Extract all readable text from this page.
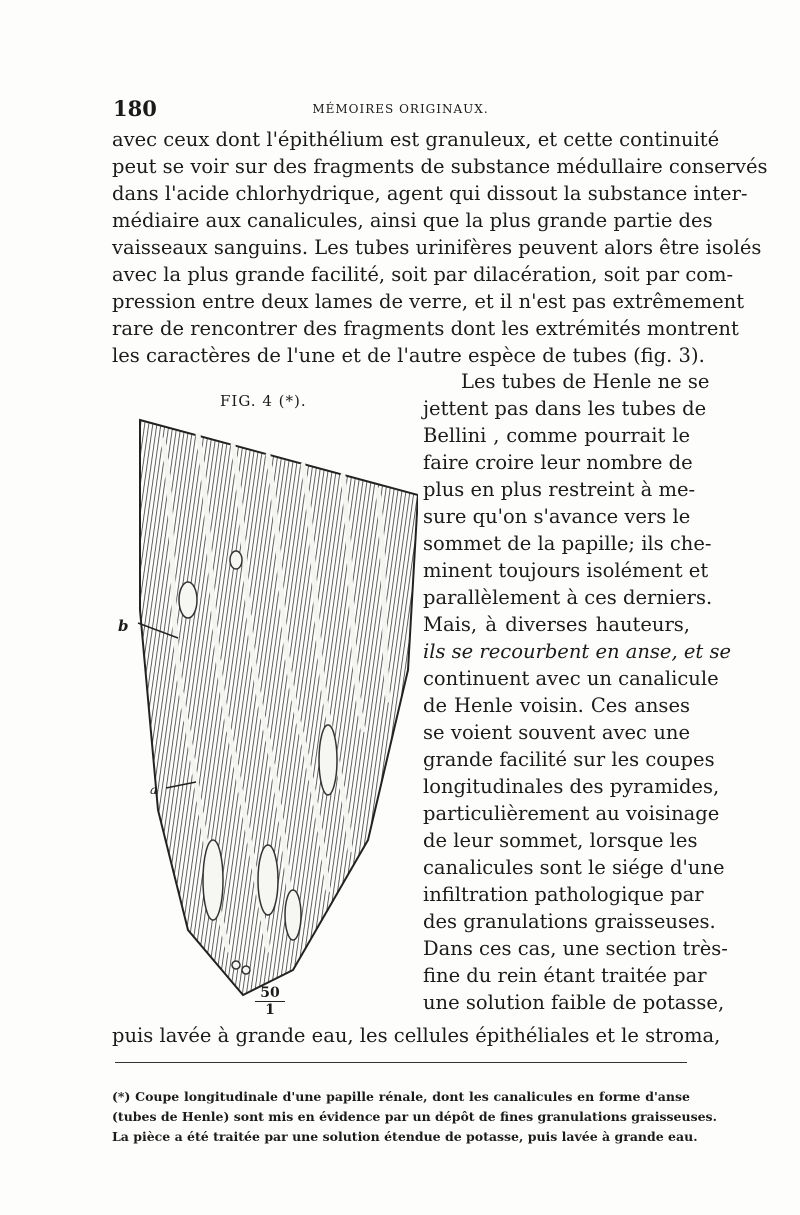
180	MÉMOIRES ORIGINAUX.
avec ceux dont l'épithélium est granuleux, et cette continuité
peut se voir sur des fragments de substance médullaire conservés
dans l'acide chlorhydrique, agent qui dissout la substance inter-
médiaire aux canalicules, ainsi que la plus grande partie des
vaisseaux sanguins. Les tubes urinifères peuvent alors être isolés
avec la plus grande facilité, soit par dilacération, soit par com-
pression entre deux lames de verre, et il n'est pas extrêmement
rare de rencontrer des fragments dont les extrémités montrent
les caractères de l'une et de l'autre espèce de tubes (fig. 3).
FIG. 4 (*).
b
a
$\frac{50}{1}$
Les tubes de Henle ne se
jettent pas dans les tubes de
Bellini , comme pourrait le
faire croire leur nombre de
plus en plus restreint à me-
sure qu'on s'avance vers le
sommet de la papille; ils che-
minent toujours isolément et
parallèlement à ces derniers.
Mais, à diverses hauteurs,
ils se recourbent en anse, et se
continuent avec un canalicule
de Henle voisin. Ces anses
se voient souvent avec une
grande facilité sur les coupes
longitudinales des pyramides,
particulièrement au voisinage
de leur sommet, lorsque les
canalicules sont le siége d'une
infiltration pathologique par
des granulations graisseuses.
Dans ces cas, une section très-
fine du rein étant traitée par
une solution faible de potasse,
puis lavée à grande eau, les cellules épithéliales et le stroma,
(*) Coupe longitudinale d'une papille rénale, dont les canalicules en forme d'anse
(tubes de Henle) sont mis en évidence par un dépôt de fines granulations graisseuses.
La pièce a été traitée par une solution étendue de potasse, puis lavée à grande eau.
